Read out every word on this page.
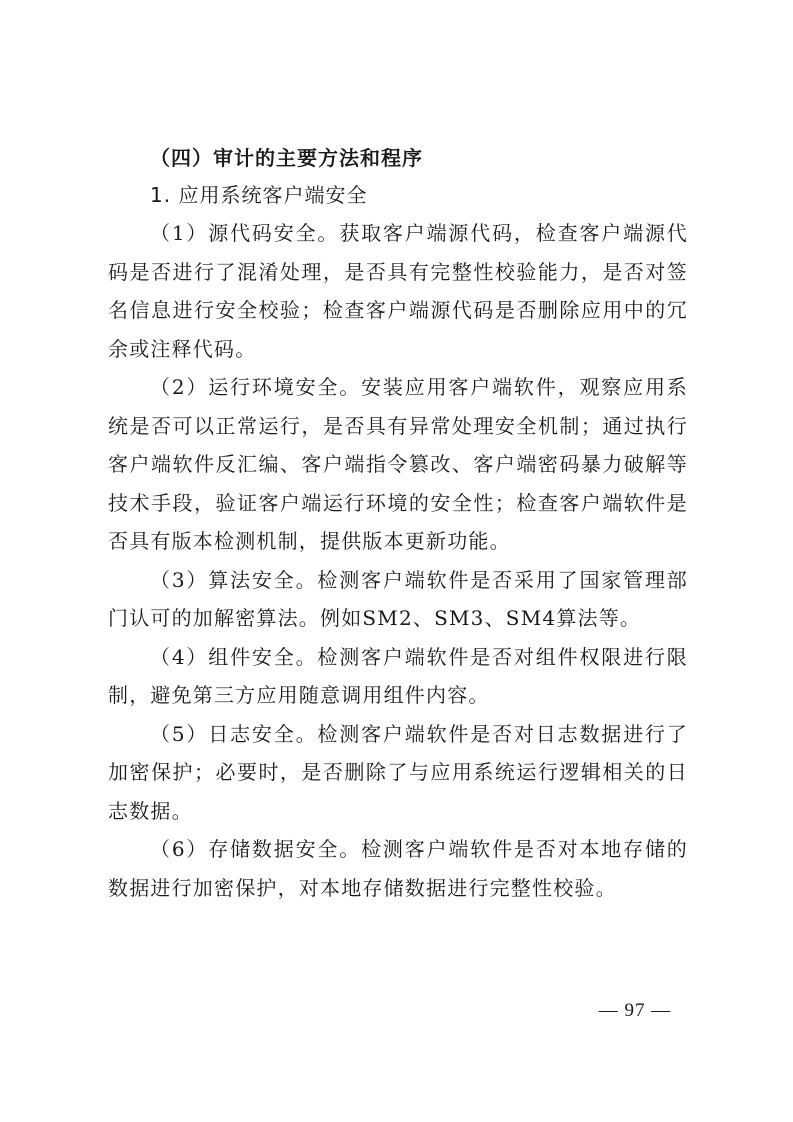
（四）审计的主要方法和程序
1. 应用系统客户端安全

（1）源代码安全。获取客户端源代码，检查客户端源代码是否进行了混淆处理，是否具有完整性校验能力，是否对签名信息进行安全校验；检查客户端源代码是否删除应用中的冗余或注释代码。

（2）运行环境安全。安装应用客户端软件，观察应用系统是否可以正常运行，是否具有异常处理安全机制；通过执行客户端软件反汇编、客户端指令篡改、客户端密码暴力破解等技术手段，验证客户端运行环境的安全性；检查客户端软件是否具有版本检测机制，提供版本更新功能。

（3）算法安全。检测客户端软件是否采用了国家管理部门认可的加解密算法。例如SM2、SM3、SM4算法等。

（4）组件安全。检测客户端软件是否对组件权限进行限制，避免第三方应用随意调用组件内容。

（5）日志安全。检测客户端软件是否对日志数据进行了加密保护；必要时，是否删除了与应用系统运行逻辑相关的日志数据。

（6）存储数据安全。检测客户端软件是否对本地存储的数据进行加密保护，对本地存储数据进行完整性校验。

— 97 —
